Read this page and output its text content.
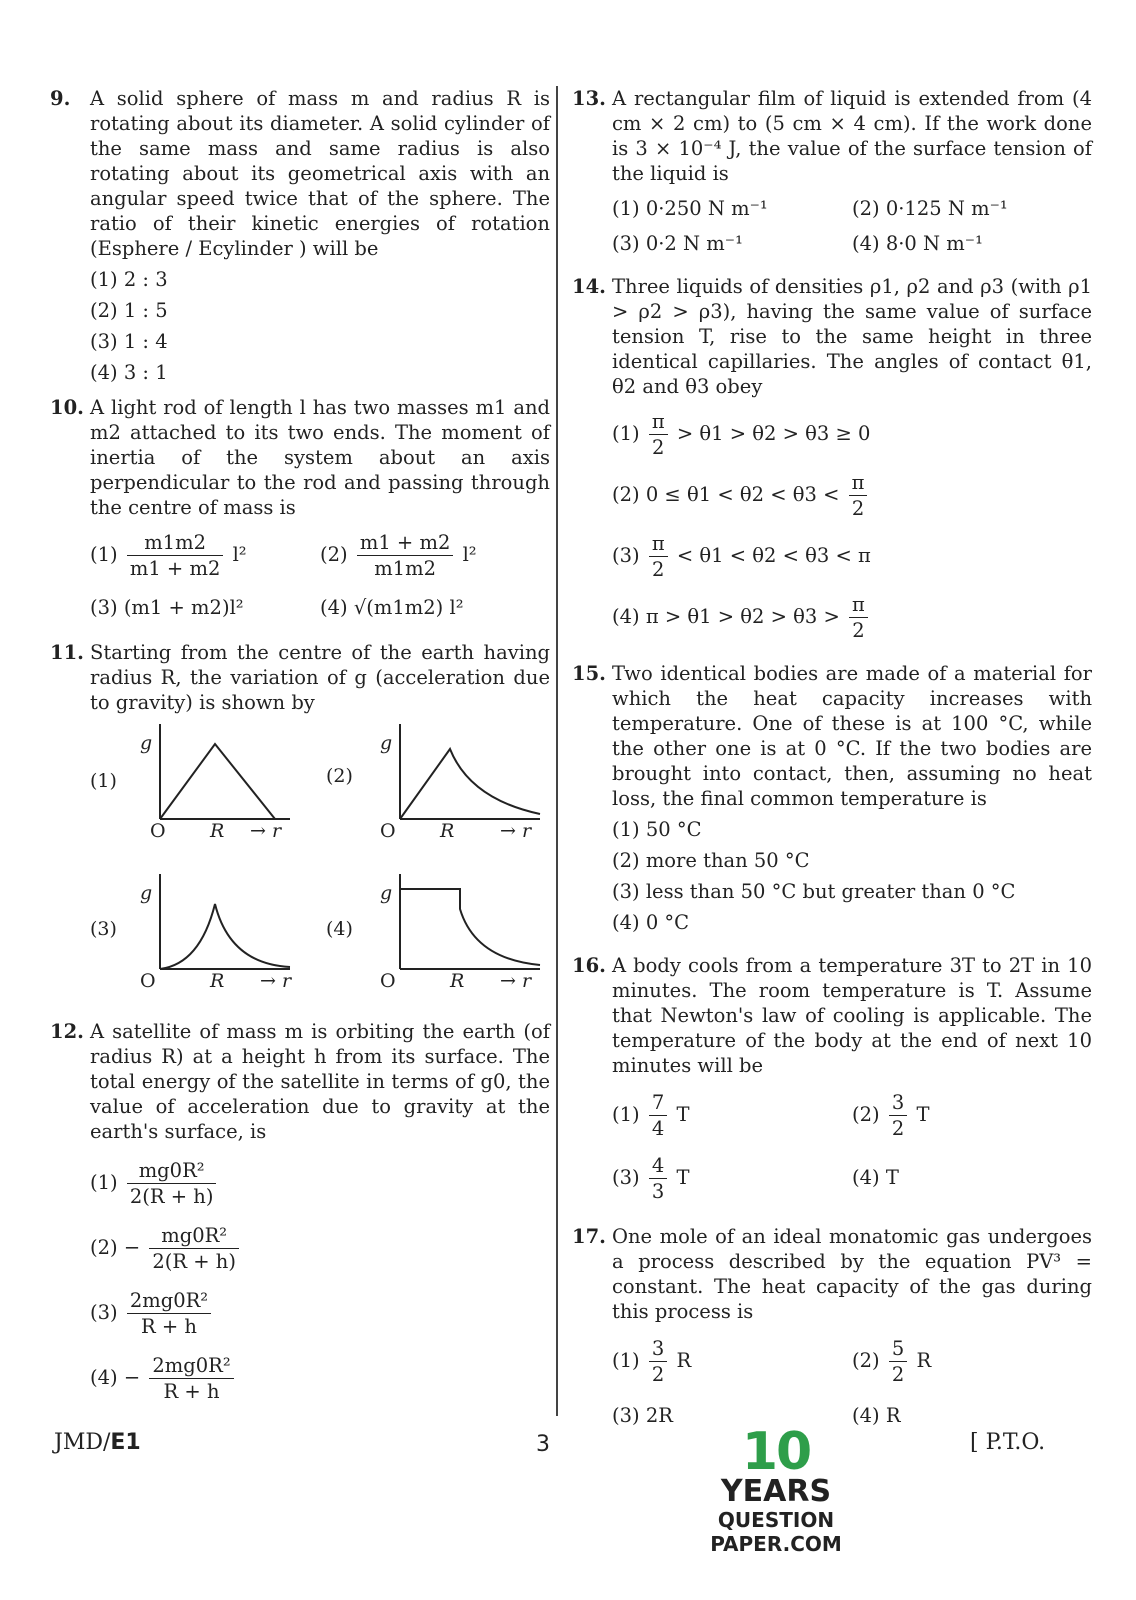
9. A solid sphere of mass m and radius R is rotating about its diameter. A solid cylinder of the same mass and same radius is also rotating about its geometrical axis with an angular speed twice that of the sphere. The ratio of their kinetic energies of rotation (Esphere / Ecylinder ) will be
(1) 2 : 3
(2) 1 : 5
(3) 1 : 4
(4) 3 : 1
10. A light rod of length l has two masses m1 and m2 attached to its two ends. The moment of inertia of the system about an axis perpendicular to the rod and passing through the centre of mass is
$(1) \frac{m1m2}{m1 + m2} l^2$	$(2) \frac{m1 + m2}{m1m2} l^2$
(3) (m1 + m2)l²	(4) √(m1m2) l²
11. Starting from the centre of the earth having radius R, the variation of g (acceleration due to gravity) is shown by
(1)
g
O R → r
(2)
g
O R → r
(3)
g
O	R → r
(4)
g
O	R → r
12. A satellite of mass m is orbiting the earth (of radius R) at a height h from its surface. The total energy of the satellite in terms of g0, the value of acceleration due to gravity at the earth's surface, is
$(1) \frac{\text{mg0R²}}{2(R + h)}$
$(2) - \frac{\text{mg0R²}}{2(R + h)}$
$(3) \frac{\text{2mg0R²}}{R + h}$
$(4) - \frac{\text{2mg0R²}}{R + h}$
13. A rectangular film of liquid is extended from (4 cm × 2 cm) to (5 cm × 4 cm). If the work done is 3 × 10⁻⁴ J, the value of the surface tension of the liquid is
(1) 0·250 N m⁻¹	(2) 0·125 N m⁻¹
(3) 0·2 N m⁻¹	(4) 8·0 N m⁻¹
14. Three liquids of densities ρ1, ρ2 and ρ3 (with ρ1 > ρ2 > ρ3), having the same value of surface tension T, rise to the same height in three identical capillaries. The angles of contact θ1, θ2 and θ3 obey
$(1) \frac{\pi}{2} > \theta 1 > \theta 2 > \theta 3 \ge 0$
(2) $0 \le \theta 1 < \theta 2 < \theta 3 < \frac{\pi}{2}$
$(3) \frac{\pi}{2} < \theta 1 < \theta 2 < \theta 3 < \pi$
(4) $\pi > \theta 1 > \theta 2 > \theta 3 > \frac{\pi}{2}$
15. Two identical bodies are made of a material for which the heat capacity increases with temperature. One of these is at 100 °C, while the other one is at 0 °C. If the two bodies are brought into contact, then, assuming no heat loss, the final common temperature is
(1) 50 °C
(2) more than 50 °C
(3) less than 50 °C but greater than 0 °C
(4) 0 °C
16. A body cools from a temperature 3T to 2T in 10 minutes. The room temperature is T. Assume that Newton's law of cooling is applicable. The temperature of the body at the end of next 10 minutes will be
$(1) \frac{7}{4}$ T	$(2) \frac{3}{2}$ T
$(3) \frac{4}{3}$ T	(4) T
17. One mole of an ideal monatomic gas undergoes a process described by the equation PV³ = constant. The heat capacity of the gas during this process is
$(1) \frac{3}{2}$ R	$(2) \frac{5}{2}$ R
(3) 2R	(4) R
JMD/E1	3	[ P.T.O.
10
YEARS
QUESTION PAPER.COM
